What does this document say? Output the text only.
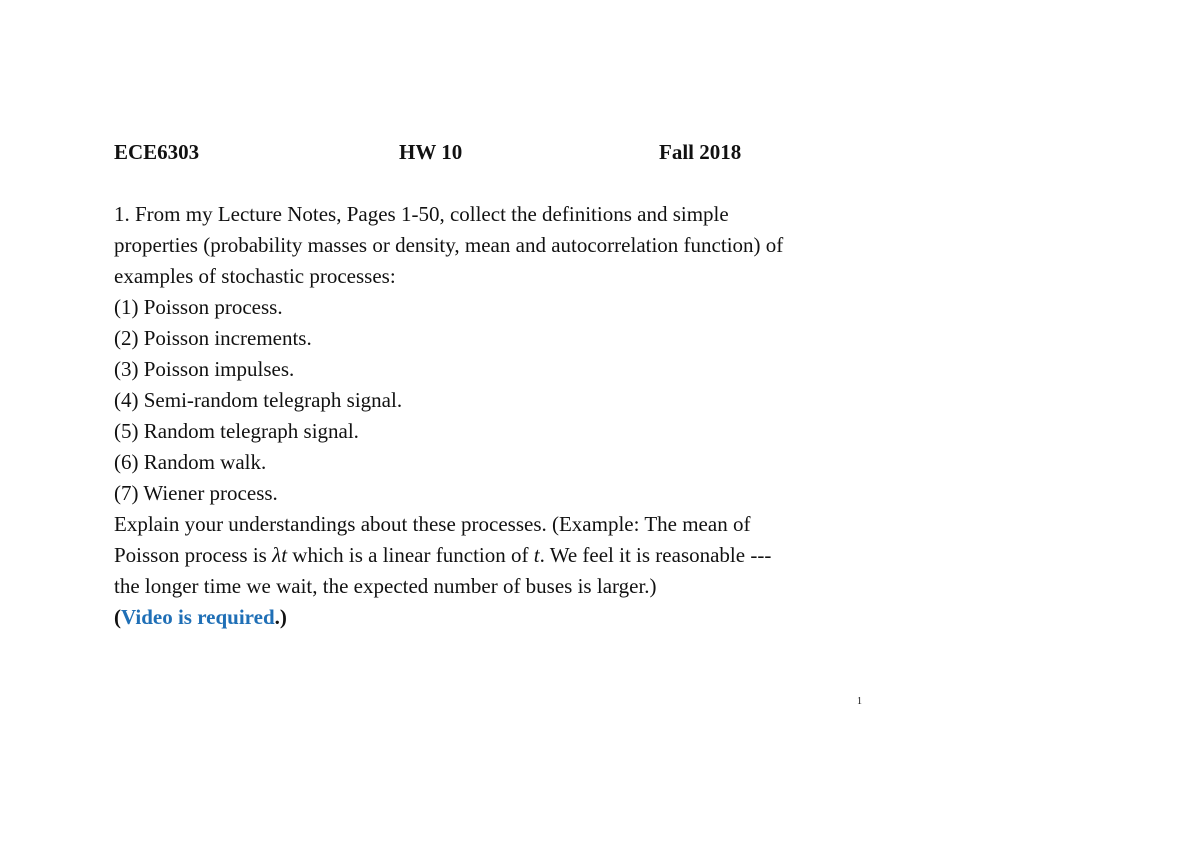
ECE6303	HW 10	Fall 2018
1. From my Lecture Notes, Pages 1-50, collect the definitions and simple
properties (probability masses or density, mean and autocorrelation function) of
examples of stochastic processes:
(1) Poisson process.
(2) Poisson increments.
(3) Poisson impulses.
(4) Semi-random telegraph signal.
(5) Random telegraph signal.
(6) Random walk.
(7) Wiener process.
Explain your understandings about these processes. (Example: The mean of
Poisson process is λt which is a linear function of t. We feel it is reasonable ---
the longer time we wait, the expected number of buses is larger.)
(Video is required.)
1
